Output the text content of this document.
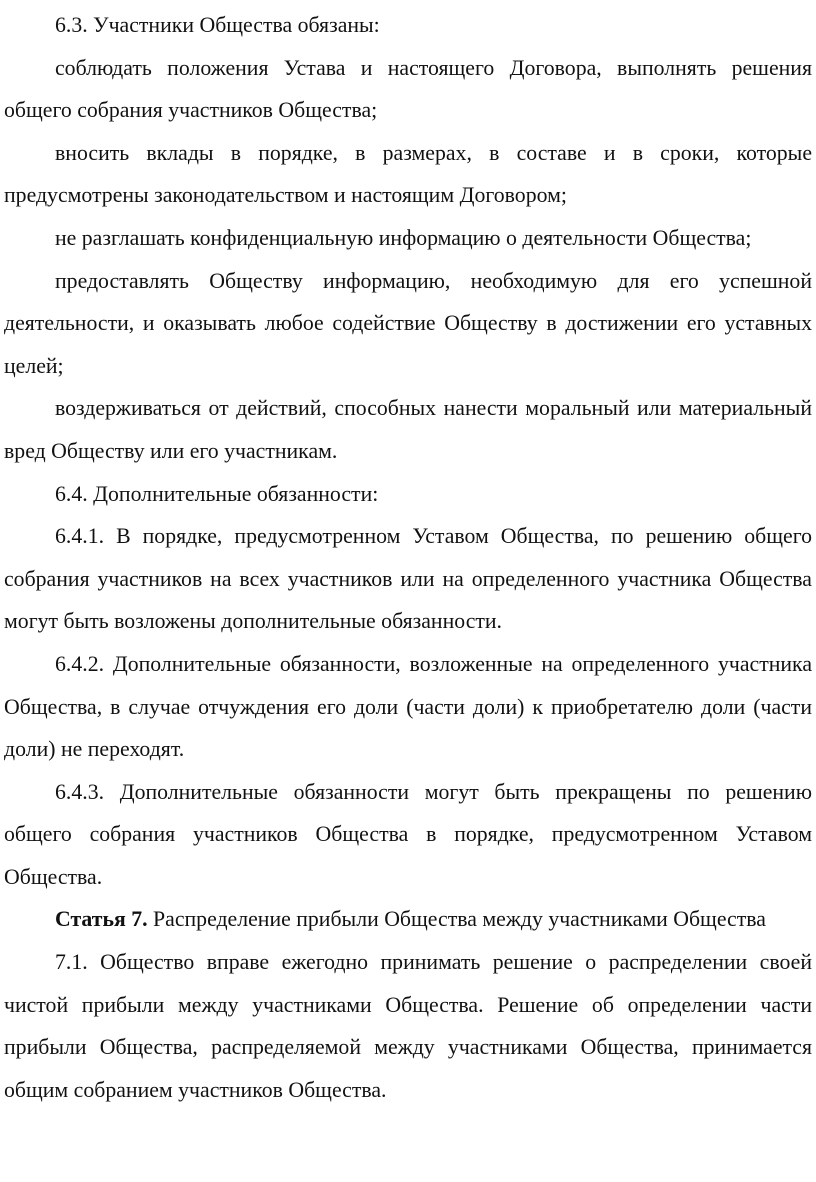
6.3. Участники Общества обязаны:

соблюдать положения Устава и настоящего Договора, выполнять решения общего собрания участников Общества;

вносить вклады в порядке, в размерах, в составе и в сроки, которые предусмотрены законодательством и настоящим Договором;

не разглашать конфиденциальную информацию о деятельности Общества;

предоставлять Обществу информацию, необходимую для его успешной деятельности, и оказывать любое содействие Обществу в достижении его уставных целей;

воздерживаться от действий, способных нанести моральный или материальный вред Обществу или его участникам.

6.4. Дополнительные обязанности:

6.4.1. В порядке, предусмотренном Уставом Общества, по решению общего собрания участников на всех участников или на определенного участника Общества могут быть возложены дополнительные обязанности.

6.4.2. Дополнительные обязанности, возложенные на определенного участника Общества, в случае отчуждения его доли (части доли) к приобретателю доли (части доли) не переходят.

6.4.3. Дополнительные обязанности могут быть прекращены по решению общего собрания участников Общества в порядке, предусмотренном Уставом Общества.

Статья 7. Распределение прибыли Общества между участниками Общества

7.1. Общество вправе ежегодно принимать решение о распределении своей чистой прибыли между участниками Общества. Решение об определении части прибыли Общества, распределяемой между участниками Общества, принимается общим собранием участников Общества.
